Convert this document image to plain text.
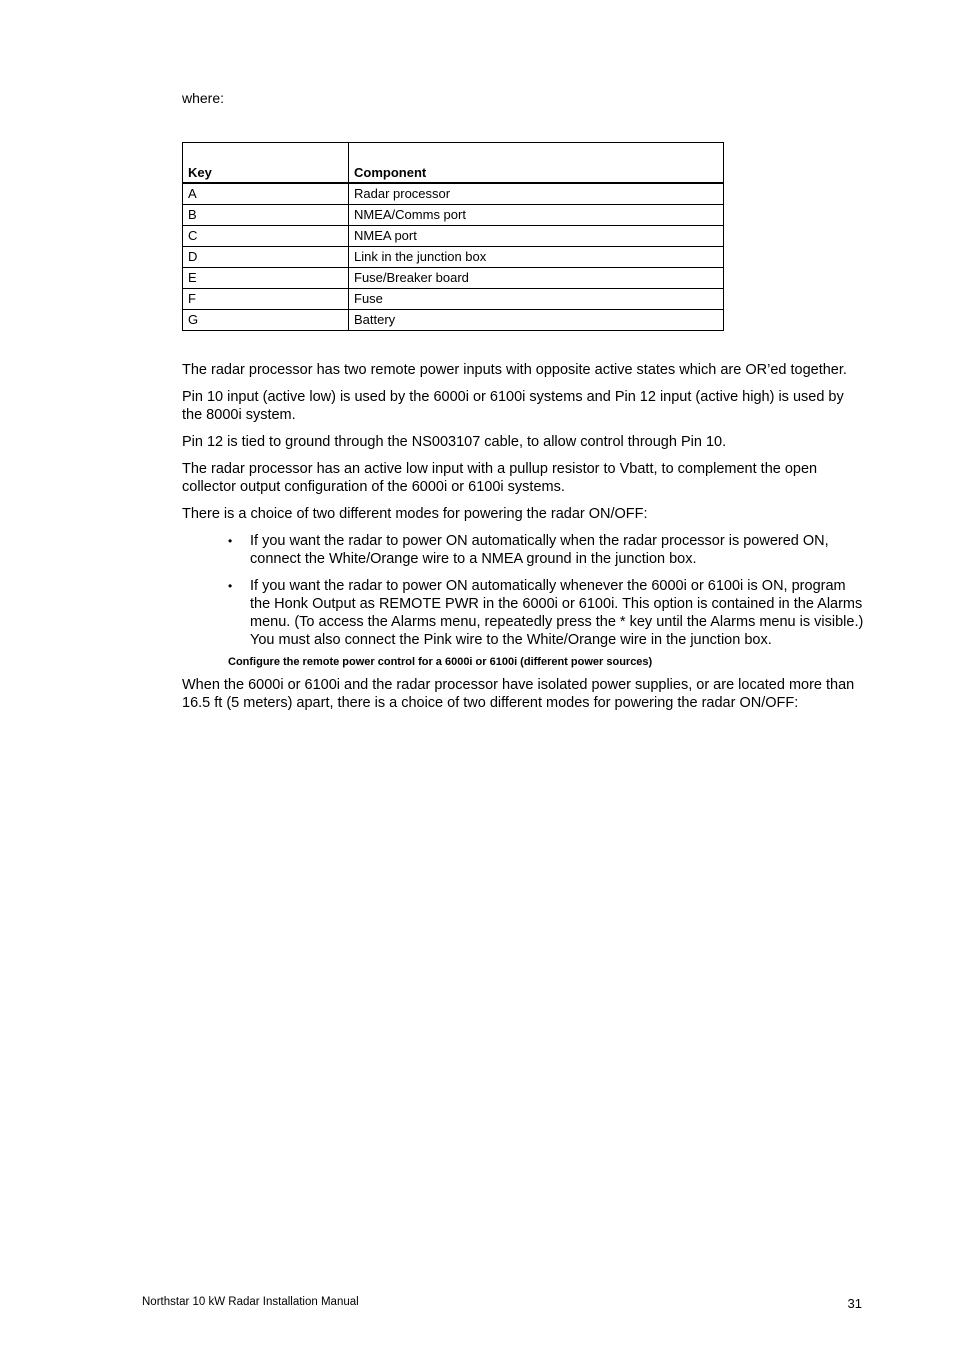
where:
Key	Component
A	Radar processor
B	NMEA/Comms port
C	NMEA port
D	Link in the junction box
E	Fuse/Breaker board
F	Fuse
G	Battery

The radar processor has two remote power inputs with opposite active states which are OR’ed together.

Pin 10 input (active low) is used by the 6000i or 6100i systems and Pin 12 input (active high) is used by the 8000i system.

Pin 12 is tied to ground through the NS003107 cable, to allow control through Pin 10.

The radar processor has an active low input with a pullup resistor to Vbatt, to complement the open collector output configuration of the 6000i or 6100i systems.

There is a choice of two different modes for powering the radar ON/OFF:

• If you want the radar to power ON automatically when the radar processor is powered ON, connect the White/Orange wire to a NMEA ground in the junction box.
• If you want the radar to power ON automatically whenever the 6000i or 6100i is ON, program the Honk Output as REMOTE PWR in the 6000i or 6100i. This option is contained in the Alarms menu. (To access the Alarms menu, repeatedly press the * key until the Alarms menu is visible.) You must also connect the Pink wire to the White/Orange wire in the junction box.
Configure the remote power control for a 6000i or 6100i (different power sources)

When the 6000i or 6100i and the radar processor have isolated power supplies, or are located more than 16.5 ft (5 meters) apart, there is a choice of two different modes for powering the radar ON/OFF:

Northstar 10 kW Radar Installation Manual	31
